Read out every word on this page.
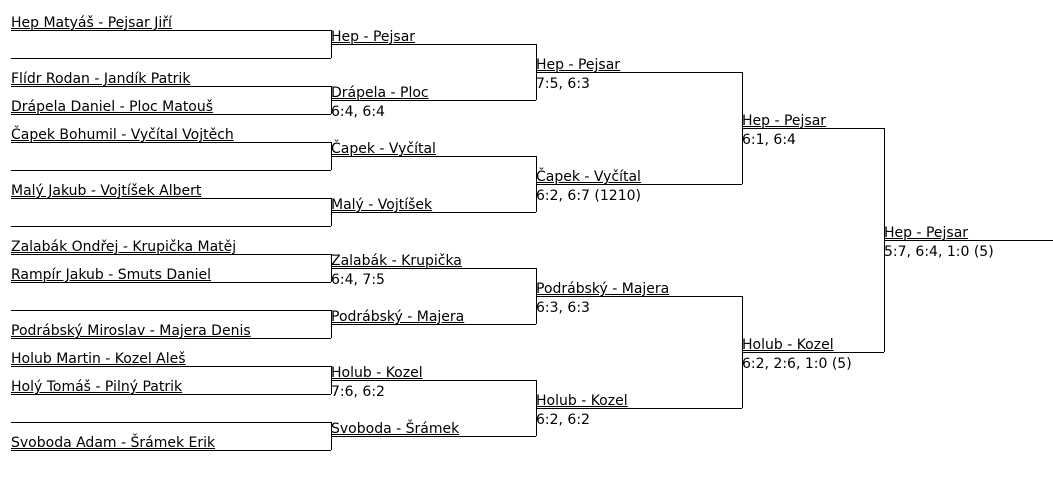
Hep Matyáš - Pejsar Jiří
Flídr Rodan - Jandík Patrik
Drápela Daniel - Ploc Matouš
Čapek Bohumil - Vyčítal Vojtěch
Malý Jakub - Vojtíšek Albert
Zalabák Ondřej - Krupička Matěj
Rampír Jakub - Smuts Daniel
Podrábský Miroslav - Majera Denis
Holub Martin - Kozel Aleš
Holý Tomáš - Pilný Patrik
Svoboda Adam - Šrámek Erik
Hep - Pejsar
Drápela - Ploc
6:4, 6:4
Čapek - Vyčítal
Malý - Vojtíšek
Zalabák - Krupička
6:4, 7:5
Podrábský - Majera
Holub - Kozel
7:6, 6:2
Svoboda - Šrámek
Hep - Pejsar
7:5, 6:3
Čapek - Vyčítal
6:2, 6:7 (1210)
Podrábský - Majera
6:3, 6:3
Holub - Kozel
6:2, 6:2
Hep - Pejsar
6:1, 6:4
Holub - Kozel
6:2, 2:6, 1:0 (5)
Hep - Pejsar
5:7, 6:4, 1:0 (5)
